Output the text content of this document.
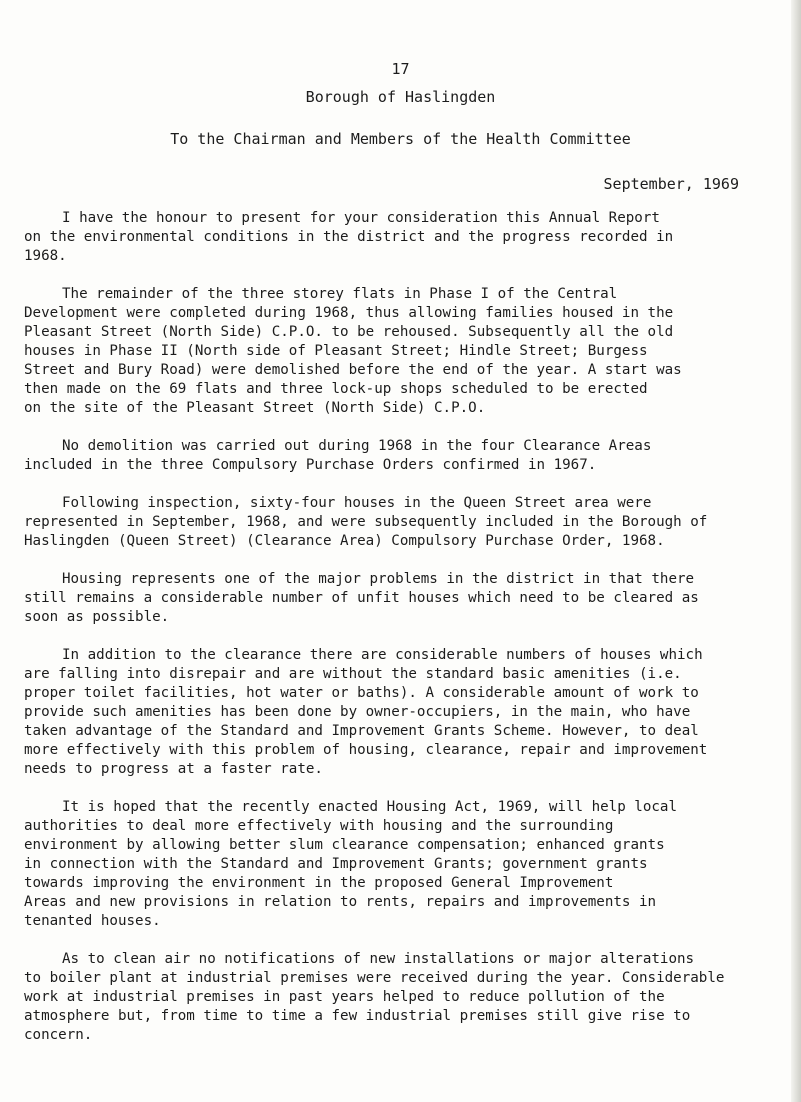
17
Borough of Haslingden
To the Chairman and Members of the Health Committee
September, 1969

I have the honour to present for your consideration this Annual Report
on the environmental conditions in the district and the progress recorded in
1968.

The remainder of the three storey flats in Phase I of the Central
Development were completed during 1968, thus allowing families housed in the
Pleasant Street (North Side) C.P.O. to be rehoused. Subsequently all the old
houses in Phase II (North side of Pleasant Street; Hindle Street; Burgess
Street and Bury Road) were demolished before the end of the year. A start was
then made on the 69 flats and three lock-up shops scheduled to be erected
on the site of the Pleasant Street (North Side) C.P.O.

No demolition was carried out during 1968 in the four Clearance Areas
included in the three Compulsory Purchase Orders confirmed in 1967.

Following inspection, sixty-four houses in the Queen Street area were
represented in September, 1968, and were subsequently included in the Borough of
Haslingden (Queen Street) (Clearance Area) Compulsory Purchase Order, 1968.

Housing represents one of the major problems in the district in that there
still remains a considerable number of unfit houses which need to be cleared as
soon as possible.

In addition to the clearance there are considerable numbers of houses which
are falling into disrepair and are without the standard basic amenities (i.e.
proper toilet facilities, hot water or baths). A considerable amount of work to
provide such amenities has been done by owner-occupiers, in the main, who have
taken advantage of the Standard and Improvement Grants Scheme. However, to deal
more effectively with this problem of housing, clearance, repair and improvement
needs to progress at a faster rate.

It is hoped that the recently enacted Housing Act, 1969, will help local
authorities to deal more effectively with housing and the surrounding
environment by allowing better slum clearance compensation; enhanced grants
in connection with the Standard and Improvement Grants; government grants
towards improving the environment in the proposed General Improvement
Areas and new provisions in relation to rents, repairs and improvements in
tenanted houses.

As to clean air no notifications of new installations or major alterations
to boiler plant at industrial premises were received during the year. Considerable
work at industrial premises in past years helped to reduce pollution of the
atmosphere but, from time to time a few industrial premises still give rise to
concern.
